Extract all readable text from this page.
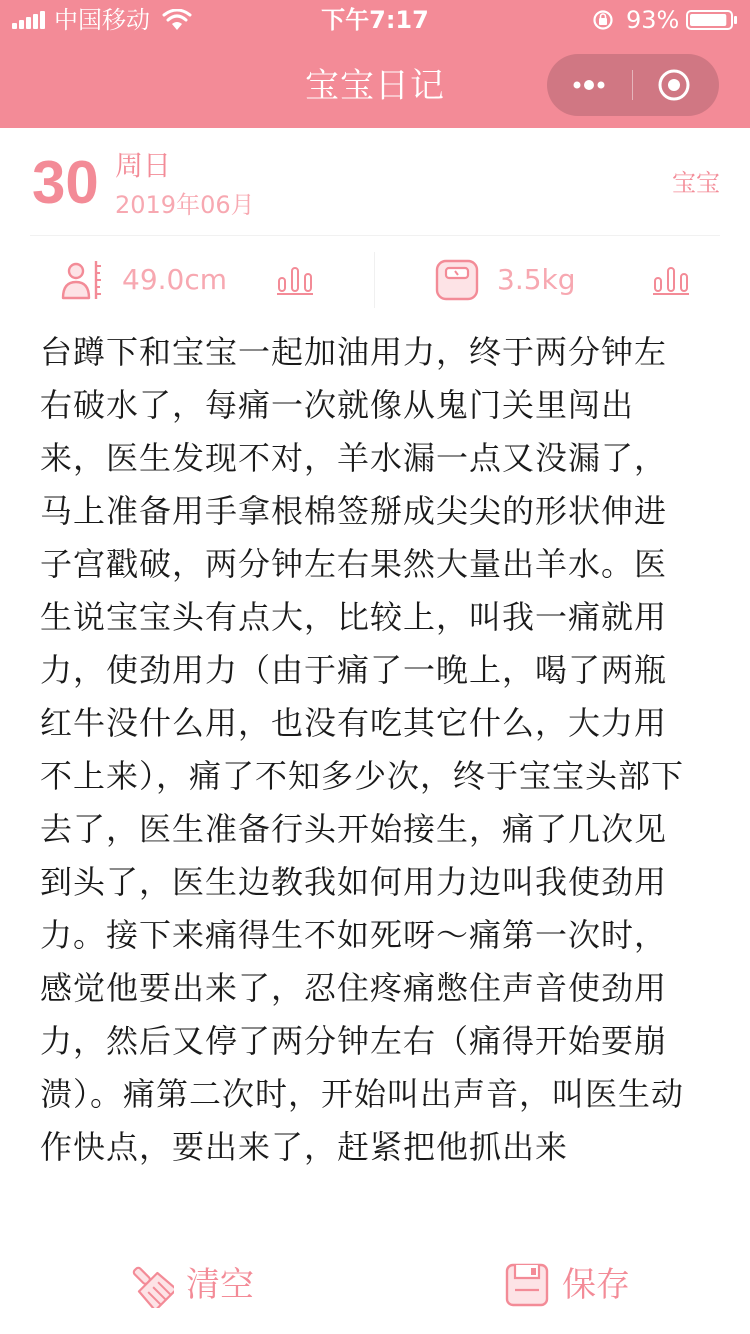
中国移动	下午7:17	93%
宝宝日记
30 周日
2019年06月
宝宝
49.0cm	3.5kg
台蹲下和宝宝一起加油用力，终于两分钟左右破水了，每痛一次就像从鬼门关里闯出来，医生发现不对，羊水漏一点又没漏了，马上准备用手拿根棉签掰成尖尖的形状伸进子宫戳破，两分钟左右果然大量出羊水。医生说宝宝头有点大，比较上，叫我一痛就用力，使劲用力（由于痛了一晚上，喝了两瓶红牛没什么用，也没有吃其它什么，大力用不上来），痛了不知多少次，终于宝宝头部下去了，医生准备行头开始接生，痛了几次见到头了，医生边教我如何用力边叫我使劲用力。接下来痛得生不如死呀～痛第一次时，感觉他要出来了，忍住疼痛憋住声音使劲用力，然后又停了两分钟左右（痛得开始要崩溃）。痛第二次时，开始叫出声音，叫医生动作快点，要出来了，赶紧把他抓出来
清空	保存
